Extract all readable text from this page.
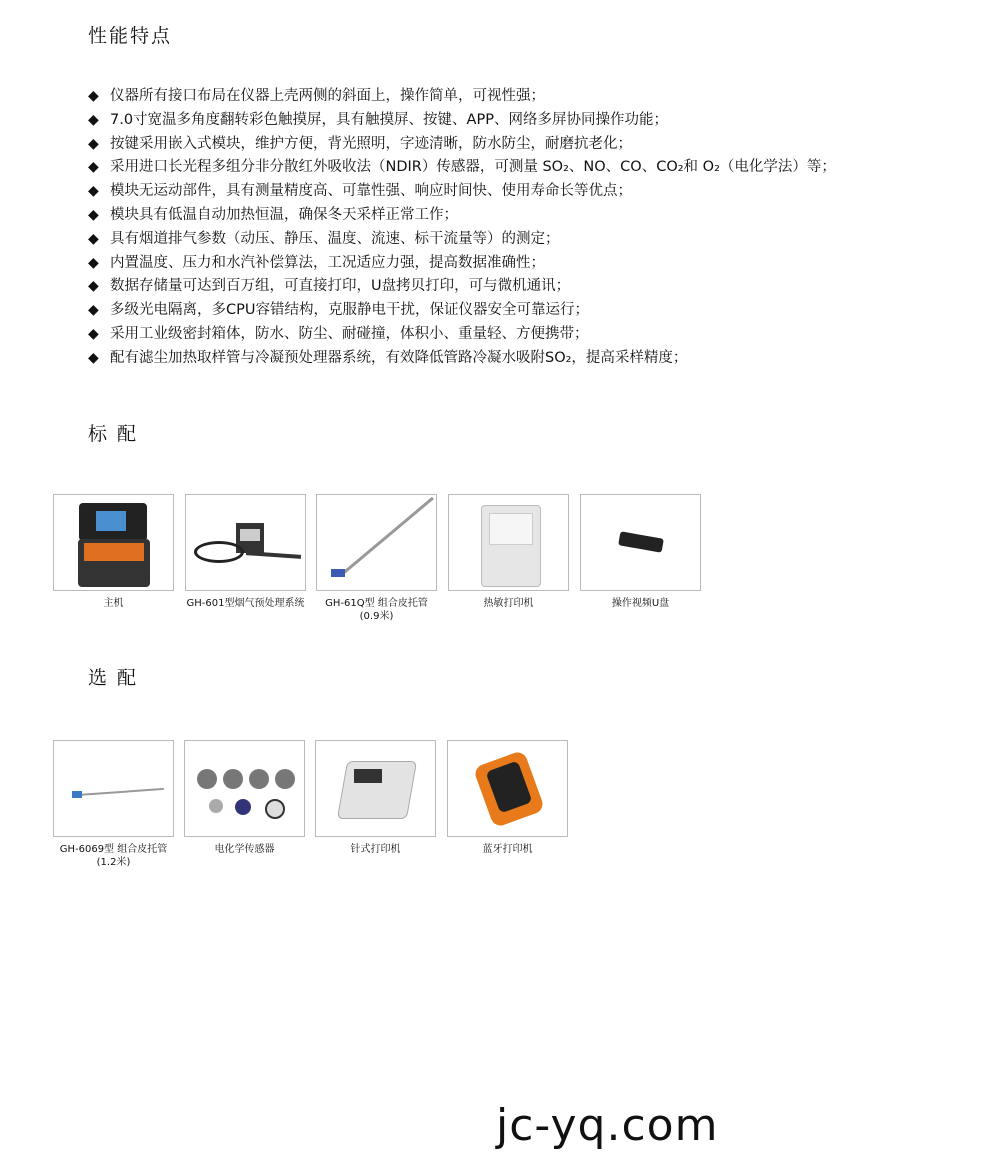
性能特点
◆ 仪器所有接口布局在仪器上壳两侧的斜面上，操作简单，可视性强；
◆ 7.0寸宽温多角度翻转彩色触摸屏，具有触摸屏、按键、APP、网络多屏协同操作功能；
◆ 按键采用嵌入式模块，维护方便，背光照明，字迹清晰，防水防尘，耐磨抗老化；
◆ 采用进口长光程多组分非分散红外吸收法（NDIR）传感器，可测量 SO₂、NO、CO、CO₂和 O₂（电化学法）等；
◆ 模块无运动部件，具有测量精度高、可靠性强、响应时间快、使用寿命长等优点；
◆ 模块具有低温自动加热恒温，确保冬天采样正常工作；
◆ 具有烟道排气参数（动压、静压、温度、流速、标干流量等）的测定；
◆ 内置温度、压力和水汽补偿算法，工况适应力强，提高数据准确性；
◆ 数据存储量可达到百万组，可直接打印，U盘拷贝打印，可与微机通讯；
◆ 多级光电隔离，多CPU容错结构，克服静电干扰，保证仪器安全可靠运行；
◆ 采用工业级密封箱体，防水、防尘、耐碰撞，体积小、重量轻、方便携带；
◆ 配有滤尘加热取样管与冷凝预处理器系统，有效降低管路冷凝水吸附SO₂，提高采样精度；
标 配
主机	GH-601型烟气预处理系统	GH-61Q型 组合皮托管
(0.9米)
热敏打印机	操作视频U盘
选 配
GH-6069型 组合皮托管
(1.2米)
电化学传感器	针式打印机	蓝牙打印机
jc-yq.com
